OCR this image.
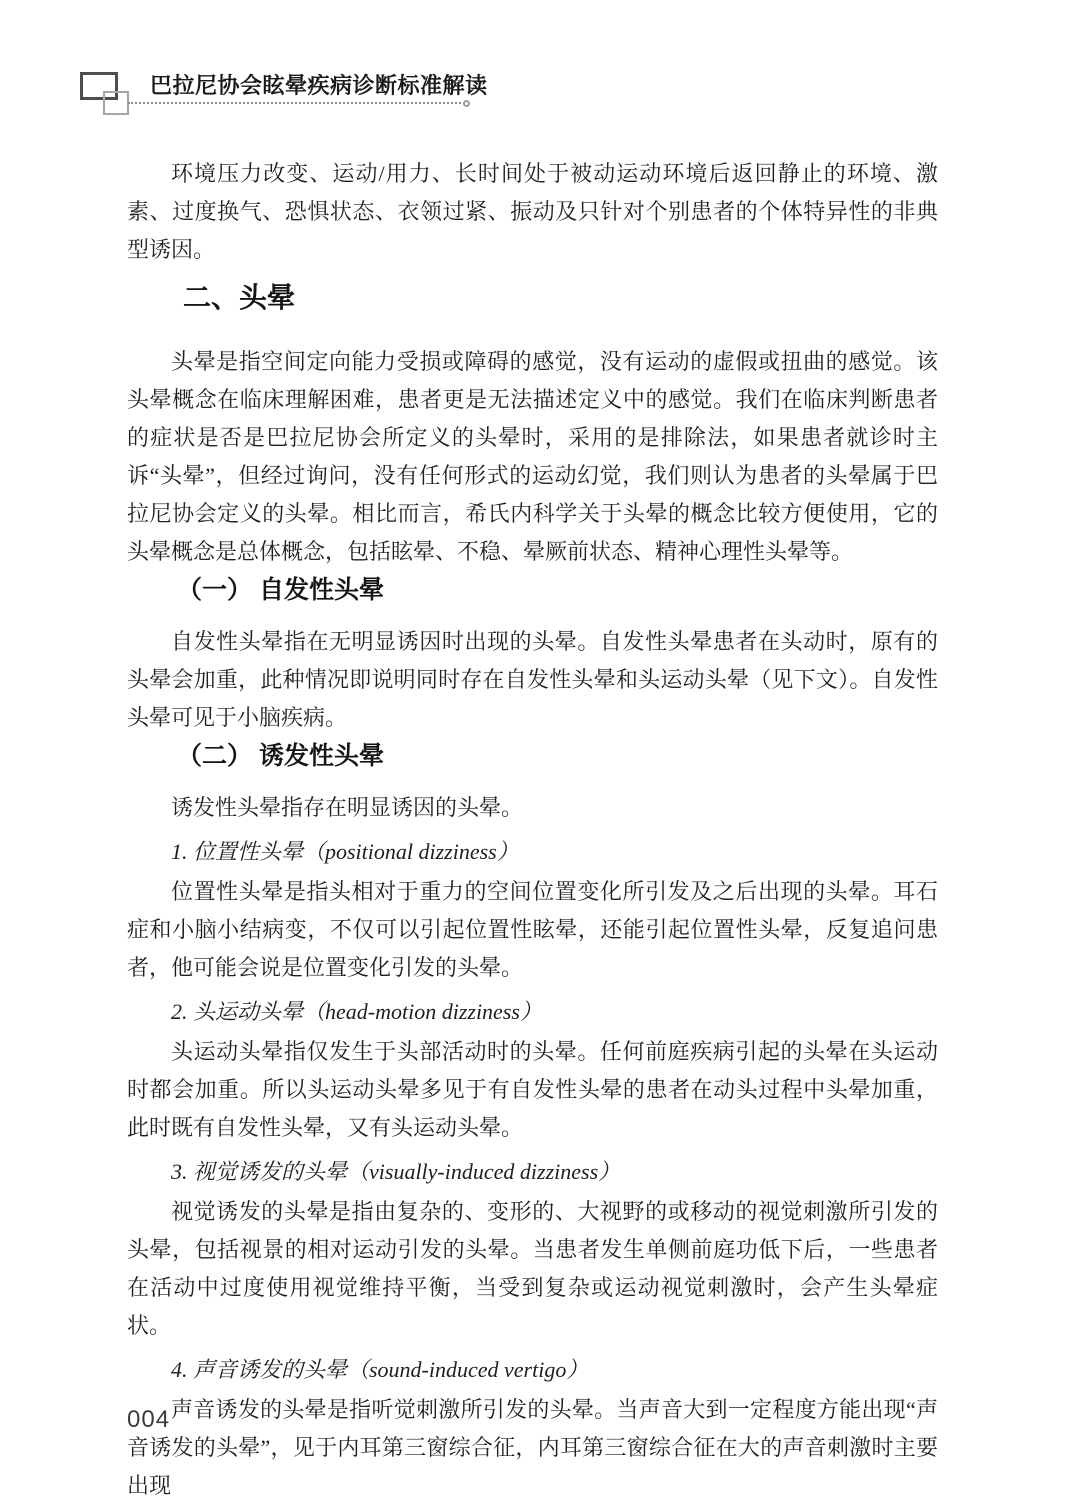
巴拉尼协会眩晕疾病诊断标准解读

环境压力改变、运动/用力、长时间处于被动运动环境后返回静止的环境、激素、过度换气、恐惧状态、衣领过紧、振动及只针对个别患者的个体特异性的非典型诱因。

二、头晕

头晕是指空间定向能力受损或障碍的感觉，没有运动的虚假或扭曲的感觉。该头晕概念在临床理解困难，患者更是无法描述定义中的感觉。我们在临床判断患者的症状是否是巴拉尼协会所定义的头晕时，采用的是排除法，如果患者就诊时主诉“头晕”，但经过询问，没有任何形式的运动幻觉，我们则认为患者的头晕属于巴拉尼协会定义的头晕。相比而言，希氏内科学关于头晕的概念比较方便使用，它的头晕概念是总体概念，包括眩晕、不稳、晕厥前状态、精神心理性头晕等。

（一） 自发性头晕

自发性头晕指在无明显诱因时出现的头晕。自发性头晕患者在头动时，原有的头晕会加重，此种情况即说明同时存在自发性头晕和头运动头晕（见下文）。自发性头晕可见于小脑疾病。

（二） 诱发性头晕

诱发性头晕指存在明显诱因的头晕。

1. 位置性头晕（positional dizziness）

位置性头晕是指头相对于重力的空间位置变化所引发及之后出现的头晕。耳石症和小脑小结病变，不仅可以引起位置性眩晕，还能引起位置性头晕，反复追问患者，他可能会说是位置变化引发的头晕。

2. 头运动头晕（head-motion dizziness）

头运动头晕指仅发生于头部活动时的头晕。任何前庭疾病引起的头晕在头运动时都会加重。所以头运动头晕多见于有自发性头晕的患者在动头过程中头晕加重，此时既有自发性头晕，又有头运动头晕。

3. 视觉诱发的头晕（visually-induced dizziness）

视觉诱发的头晕是指由复杂的、变形的、大视野的或移动的视觉刺激所引发的头晕，包括视景的相对运动引发的头晕。当患者发生单侧前庭功低下后，一些患者在活动中过度使用视觉维持平衡，当受到复杂或运动视觉刺激时，会产生头晕症状。

4. 声音诱发的头晕（sound-induced vertigo）

声音诱发的头晕是指听觉刺激所引发的头晕。当声音大到一定程度方能出现“声音诱发的头晕”，见于内耳第三窗综合征，内耳第三窗综合征在大的声音刺激时主要出现

004
